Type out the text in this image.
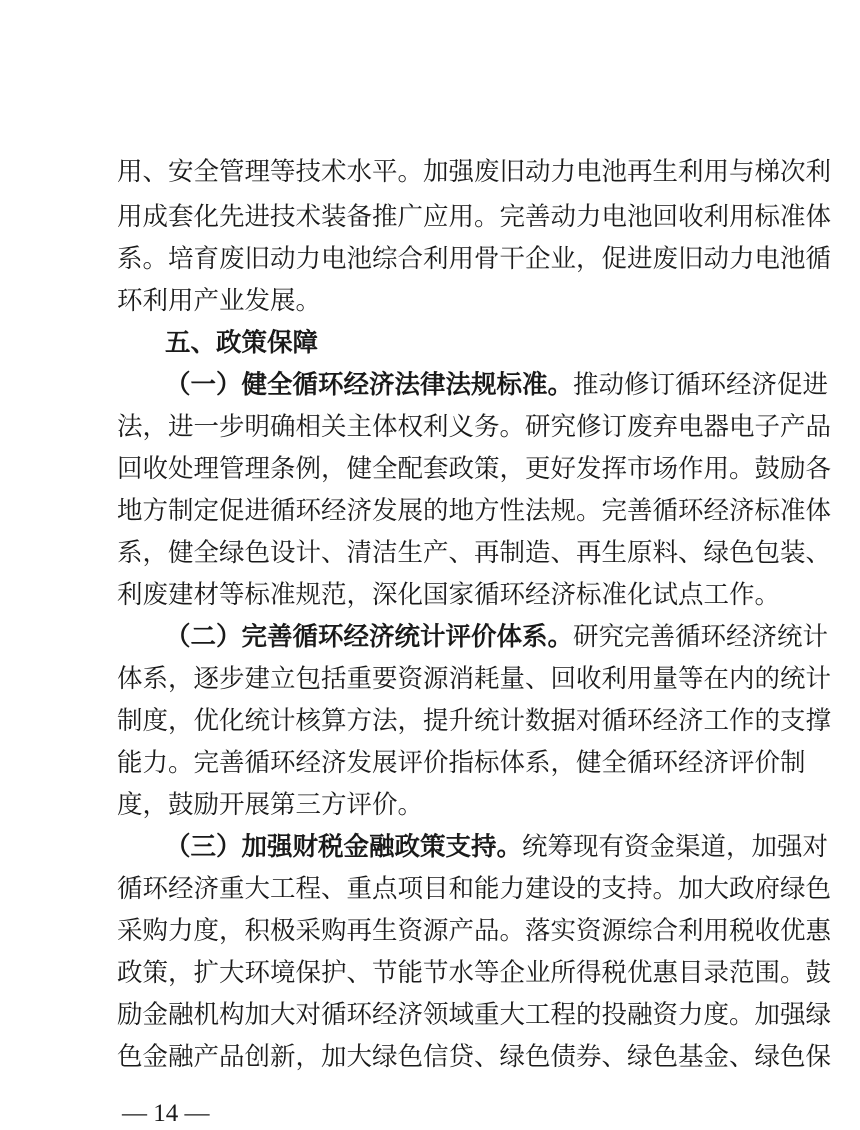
用、安全管理等技术水平。加强废旧动力电池再生利用与梯次利
用成套化先进技术装备推广应用。完善动力电池回收利用标准体
系。培育废旧动力电池综合利用骨干企业，促进废旧动力电池循
环利用产业发展。
五、政策保障
（一）健全循环经济法律法规标准。推动修订循环经济促进
法，进一步明确相关主体权利义务。研究修订废弃电器电子产品
回收处理管理条例，健全配套政策，更好发挥市场作用。鼓励各
地方制定促进循环经济发展的地方性法规。完善循环经济标准体
系，健全绿色设计、清洁生产、再制造、再生原料、绿色包装、
利废建材等标准规范，深化国家循环经济标准化试点工作。
（二）完善循环经济统计评价体系。研究完善循环经济统计
体系，逐步建立包括重要资源消耗量、回收利用量等在内的统计
制度，优化统计核算方法，提升统计数据对循环经济工作的支撑
能力。完善循环经济发展评价指标体系，健全循环经济评价制
度，鼓励开展第三方评价。
（三）加强财税金融政策支持。统筹现有资金渠道，加强对
循环经济重大工程、重点项目和能力建设的支持。加大政府绿色
采购力度，积极采购再生资源产品。落实资源综合利用税收优惠
政策，扩大环境保护、节能节水等企业所得税优惠目录范围。鼓
励金融机构加大对循环经济领域重大工程的投融资力度。加强绿
色金融产品创新，加大绿色信贷、绿色债券、绿色基金、绿色保
— 14 —
